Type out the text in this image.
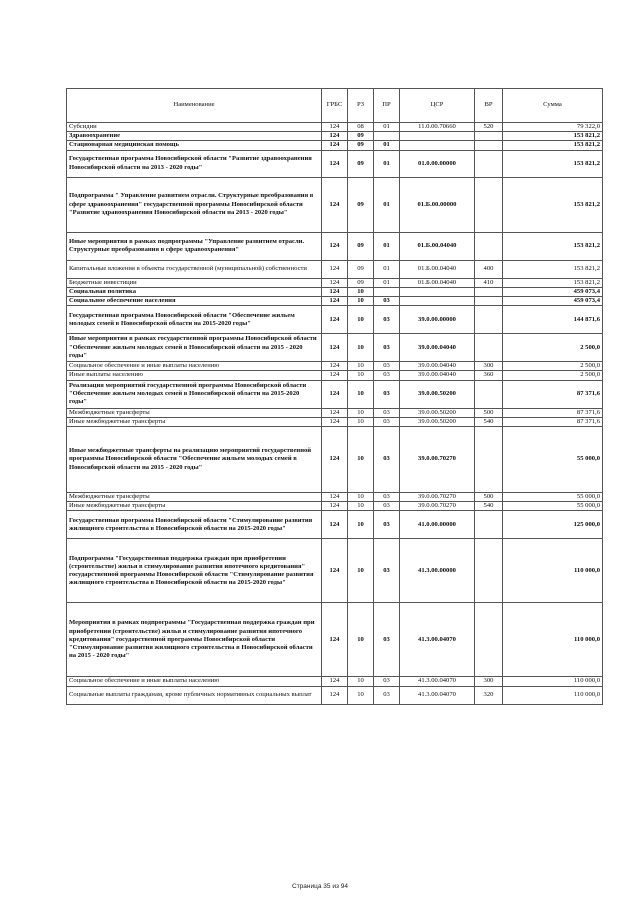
Наименование	ГРБС	РЗ	ПР	ЦСР	ВР	Сумма
Субсидии	124	08	01	11.0.00.70660	520	79 322,0
Здравоохранение	124	09				153 821,2
Стационарная медицинская помощь	124	09	01			153 821,2
Государственная программа Новосибирской области "Развитие здравоохранения Новосибирской области на 2013 - 2020 годы"	124	09	01	01.0.00.00000		153 821,2
Подпрограмма " Управление развитием отрасли. Структурные преобразования в сфере здравоохранения" государственной программы Новосибирской области "Развитие здравоохранения Новосибирской области на 2013 - 2020 годы"	124	09	01	01.Б.00.00000		153 821,2
Иные мероприятия в рамках подпрограммы "Управление развитием отрасли. Структурные преобразования в сфере здравоохранения"	124	09	01	01.Б.00.04040		153 821,2
Капитальные вложения в объекты государственной (муниципальной) собственности	124	09	01	01.Б.00.04040	400	153 821,2
Бюджетные инвестиции	124	09	01	01.Б.00.04040	410	153 821,2
Социальная политика	124	10				459 073,4
Социальное обеспечение населения	124	10	03			459 073,4
Государственная программа Новосибирской области "Обеспечение жильем молодых семей в Новосибирской области на 2015-2020 годы"	124	10	03	39.0.00.00000		144 871,6
Иные мероприятия в рамках государственной программы Новосибирской области "Обеспечение жильем молодых семей в Новосибирской области на 2015 - 2020 годы"	124	10	03	39.0.00.04040		2 500,0
Социальное обеспечение и иные выплаты населению	124	10	03	39.0.00.04040	300	2 500,0
Иные выплаты населению	124	10	03	39.0.00.04040	360	2 500,0
Реализация мероприятий государственной программы Новосибирской области "Обеспечение жильем молодых семей в Новосибирской области на 2015-2020 годы"	124	10	03	39.0.00.50200		87 371,6
Межбюджетные трансферты	124	10	03	39.0.00.50200	500	87 371,6
Иные межбюджетные трансферты	124	10	03	39.0.00.50200	540	87 371,6
Иные межбюджетные трансферты на реализацию мероприятий государственной программы Новосибирской области "Обеспечение жильем молодых семей в Новосибирской области на 2015 - 2020 годы"	124	10	03	39.0.00.70270		55 000,0
Межбюджетные трансферты	124	10	03	39.0.00.70270	500	55 000,0
Иные межбюджетные трансферты	124	10	03	39.0.00.70270	540	55 000,0
Государственная программа Новосибирской области "Стимулирование развития жилищного строительства в Новосибирской области на 2015-2020 годы"	124	10	03	41.0.00.00000		125 000,0
Подпрограмма "Государственная поддержка граждан при приобретении (строительстве) жилья в стимулирование развития ипотечного кредитования" государственной программы Новосибирской области "Стимулирование развития жилищного строительства в Новосибирской области на 2015-2020 годы"	124	10	03	41.3.00.00000		110 000,0
Мероприятия в рамках подпрограммы "Государственная поддержка граждан при приобретении (строительстве) жилья и стимулирование развития ипотечного кредитования" государственной программы Новосибирской области "Стимулирование развития жилищного строительства в Новосибирской области на 2015 - 2020 годы"	124	10	03	41.3.00.04070		110 000,0
Социальное обеспечение и иные выплаты населению	124	10	03	41.3.00.04070	300	110 000,0
Социальные выплаты гражданам, кроме публичных нормативных социальных выплат	124	10	03	41.3.00.04070	320	110 000,0
Страница 35 из 94
